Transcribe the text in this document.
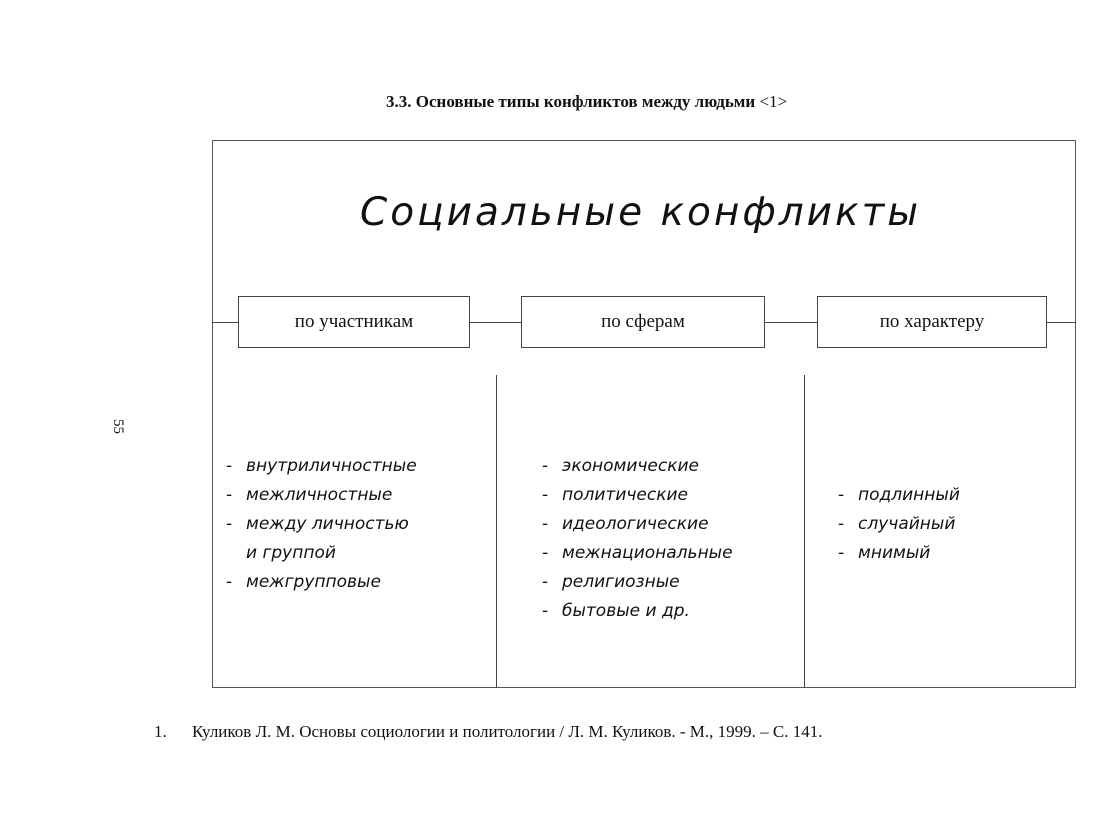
3.3. Основные типы конфликтов между людьми <1>
55
Социальные конфликты
по участникам	по сферам	по характеру
- внутриличностные
- межличностные
- между личностью
и группой
- межгрупповые
- экономические
- политические
- идеологические
- межнациональные
- религиозные
- бытовые и др.
- подлинный
- случайный
- мнимый
1. Куликов Л. М. Основы социологии и политологии / Л. М. Куликов. - М., 1999. – С. 141.
